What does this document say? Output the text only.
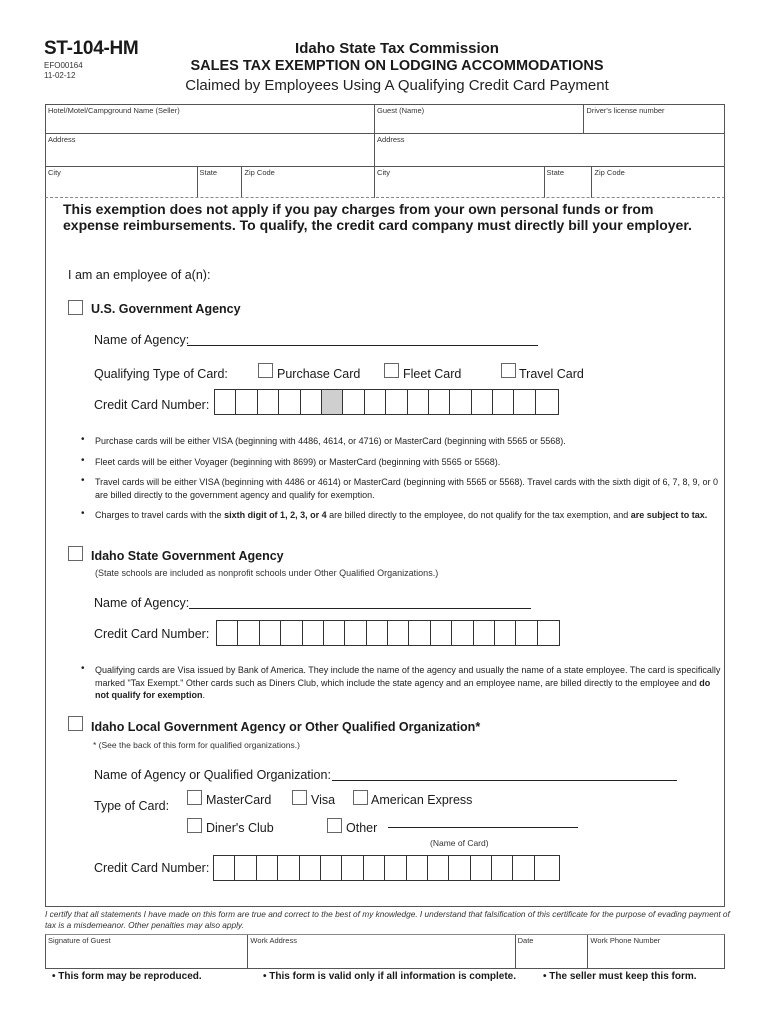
ST-104-HM
EFO00164
11-02-12
Idaho State Tax Commission
SALES TAX EXEMPTION ON LODGING ACCOMMODATIONS
Claimed by Employees Using A Qualifying Credit Card Payment
Hotel/Motel/Campground Name (Seller)	Guest (Name)	Driver's license number
Address	Address
City	State	Zip Code	City	State	Zip Code
This exemption does not apply if you pay charges from your own personal funds or from expense reimbursements. To qualify, the credit card company must directly bill your employer.
I am an employee of a(n):
U.S. Government Agency
Name of Agency:
Qualifying Type of Card:	Purchase Card	Fleet Card	Travel Card
Credit Card Number:
• Purchase cards will be either VISA (beginning with 4486, 4614, or 4716) or MasterCard (beginning with 5565 or 5568).
• Fleet cards will be either Voyager (beginning with 8699) or MasterCard (beginning with 5565 or 5568).
• Travel cards will be either VISA (beginning with 4486 or 4614) or MasterCard (beginning with 5565 or 5568). Travel cards with the sixth digit of 6, 7, 8, 9, or 0 are billed directly to the government agency and qualify for exemption.
• Charges to travel cards with the sixth digit of 1, 2, 3, or 4 are billed directly to the employee, do not qualify for the tax exemption, and are subject to tax.
Idaho State Government Agency
(State schools are included as nonprofit schools under Other Qualified Organizations.)
Name of Agency:
Credit Card Number:
• Qualifying cards are Visa issued by Bank of America. They include the name of the agency and usually the name of a state employee. The card is specifically marked "Tax Exempt." Other cards such as Diners Club, which include the state agency and an employee name, are billed directly to the employee and do not qualify for exemption.
Idaho Local Government Agency or Other Qualified Organization*
* (See the back of this form for qualified organizations.)
Name of Agency or Qualified Organization:
Type of Card:	MasterCard	Visa	American Express
Diner's Club	Other
(Name of Card)
Credit Card Number:
I certify that all statements I have made on this form are true and correct to the best of my knowledge. I understand that falsification of this certificate for the purpose of evading payment of tax is a misdemeanor. Other penalties may also apply.
Signature of Guest	Work Address	Date	Work Phone Number
• This form may be reproduced.	• This form is valid only if all information is complete.	• The seller must keep this form.
